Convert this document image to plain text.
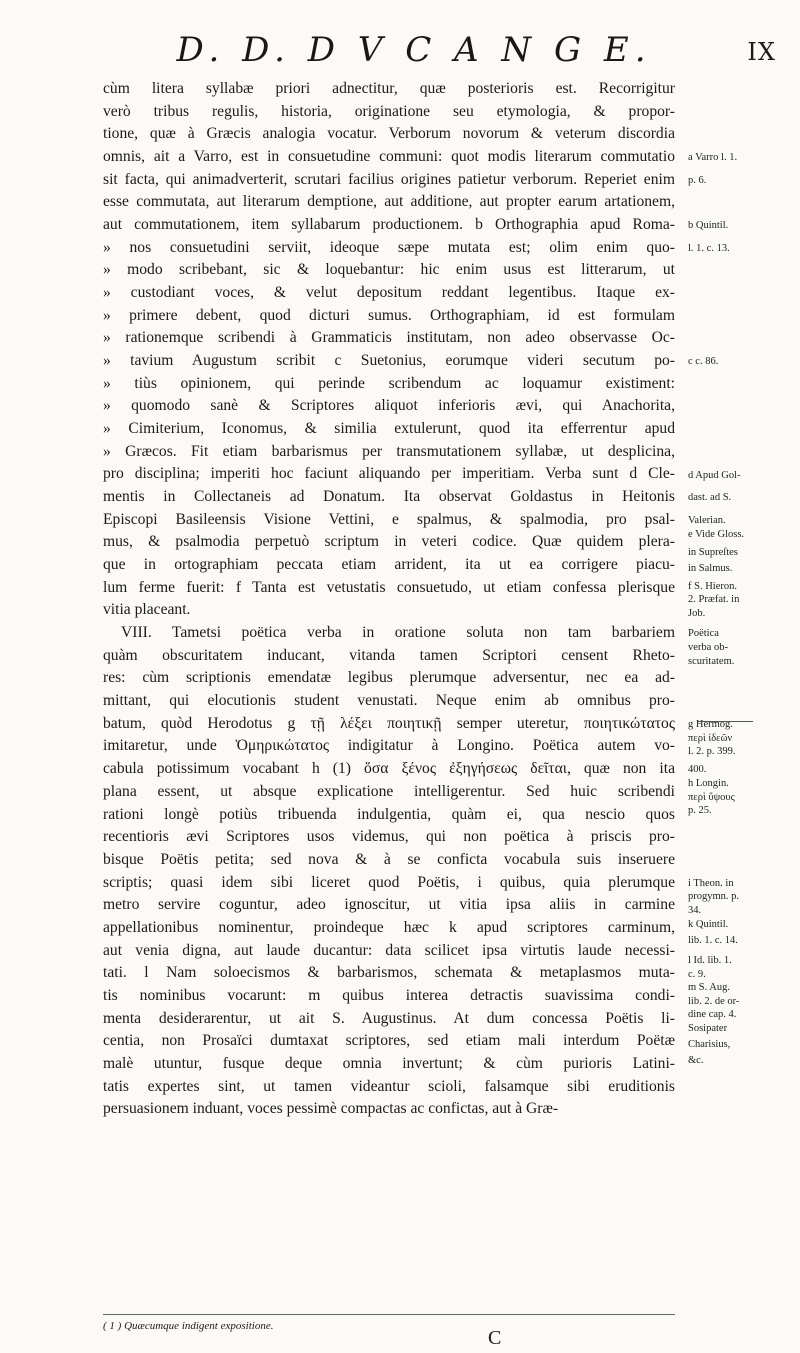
D. D. D V C A N G E.	IX
cùm litera syllabæ priori adnectitur, quæ posterioris est. Recorrigitur
verò tribus regulis, historia, originatione seu etymologia, & propor-
tione, quæ à Græcis analogia vocatur. Verborum novorum & veterum discordia
omnis, ait a Varro, est in consuetudine communi: quot modis literarum commutatio
sit facta, qui animadverterit, scrutari facilius origines patietur verborum. Reperiet enim
esse commutata, aut literarum demptione, aut additione, aut propter earum artationem,
aut commutationem, item syllabarum productionem. b Orthographia apud Roma-
» nos consuetudini serviit, ideoque sæpe mutata est; olim enim quo-
» modo scribebant, sic & loquebantur: hic enim usus est litterarum, ut
» custodiant voces, & velut depositum reddant legentibus. Itaque ex-
» primere debent, quod dicturi sumus. Orthographiam, id est formulam
» rationemque scribendi à Grammaticis institutam, non adeo observasse Oc-
» tavium Augustum scribit c Suetonius, eorumque videri secutum po-
» tiùs opinionem, qui perinde scribendum ac loquamur existiment:
» quomodo sanè & Scriptores aliquot inferioris ævi, qui Anachorita,
» Cimiterium, Iconomus, & similia extulerunt, quod ita efferrentur apud
» Græcos. Fit etiam barbarismus per transmutationem syllabæ, ut desplicina,
pro disciplina; imperiti hoc faciunt aliquando per imperitiam. Verba sunt d Cle-
mentis in Collectaneis ad Donatum. Ita observat Goldastus in Heitonis
Episcopi Basileensis Visione Vettini, e spalmus, & spalmodia, pro psal-
mus, & psalmodia perpetuò scriptum in veteri codice. Quæ quidem plera-
que in ortographiam peccata etiam arrident, ita ut ea corrigere piacu-
lum ferme fuerit: f Tanta est vetustatis consuetudo, ut etiam confessa plerisque
vitia placeant.
VIII. Tametsi poëtica verba in oratione soluta non tam barbariem
quàm obscuritatem inducant, vitanda tamen Scriptori censent Rheto-
res: cùm scriptionis emendatæ legibus plerumque adversentur, nec ea ad-
mittant, qui elocutionis student venustati. Neque enim ab omnibus pro-
batum, quòd Herodotus g τῇ λέξει ποιητικῇ semper uteretur, ποιητικώτατος
imitaretur, unde Ὁμηρικώτατος indigitatur à Longino. Poëtica autem vo-
cabula potissimum vocabant h (1) ὅσα ξένος ἐξηγήσεως δεῖται, quæ non ita
plana essent, ut absque explicatione intelligerentur. Sed huic scribendi
rationi longè potiùs tribuenda indulgentia, quàm ei, qua nescio quos
recentioris ævi Scriptores usos videmus, qui non poëtica à priscis pro-
bisque Poëtis petita; sed nova & à se conficta vocabula suis inseruere
scriptis; quasi idem sibi liceret quod Poëtis, i quibus, quia plerumque
metro servire coguntur, adeo ignoscitur, ut vitia ipsa aliis in carmine
appellationibus nominentur, proindeque hæc k apud scriptores carminum,
aut venia digna, aut laude ducantur: data scilicet ipsa virtutis laude necessi-
tati. l Nam soloecismos & barbarismos, schemata & metaplasmos muta-
tis nominibus vocarunt: m quibus interea detractis suavissima condi-
menta desiderarentur, ut ait S. Augustinus. At dum concessa Poëtis li-
centia, non Prosaïci dumtaxat scriptores, sed etiam mali interdum Poëtæ
malè utuntur, fusque deque omnia invertunt; & cùm purioris Latini-
tatis expertes sint, ut tamen videantur scioli, falsamque sibi eruditionis
persuasionem induant, voces pessimè compactas ac confictas, aut à Græ-
a Varro l. 1.
p. 6.
b Quintil.
l. 1. c. 13.
c c. 86.
d Apud Gol-
dast. ad S.
Valerian.
e Vide Gloss.
in Supreſtes
in Salmus.
f S. Hieron.
2. Præfat. in
Job.
Poëtica
verba ob-
scuritatem.
g Hermog.
περὶ ἰδεῶν
l. 2. p. 399.
400.
h Longin.
περὶ ὕψους
p. 25.
i Theon. in
progymn. p.
34.
k Quintil.
lib. 1. c. 14.
l Id. lib. 1.
c. 9.
m S. Aug.
lib. 2. de or-
dine cap. 4.
Sosipater
Charisius,
&c.
( 1 ) Quæcumque indigent expositione.
C
